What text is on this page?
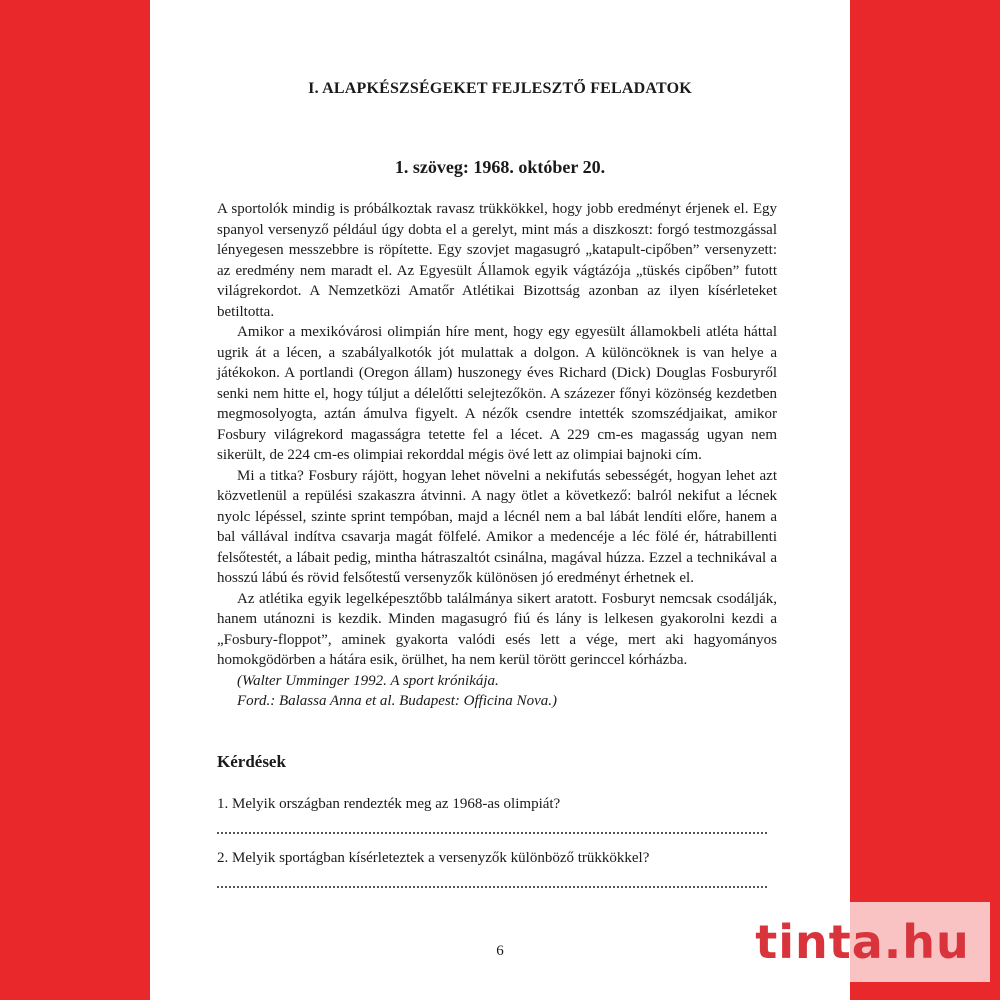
I. ALAPKÉSZSÉGEKET FEJLESZTŐ FELADATOK
1. szöveg: 1968. október 20.

A sportolók mindig is próbálkoztak ravasz trükkökkel, hogy jobb eredményt érjenek el. Egy spanyol versenyző például úgy dobta el a gerelyt, mint más a diszkoszt: forgó testmozgással lényegesen messzebbre is röpítette. Egy szovjet magasugró „katapult-cipőben” versenyzett: az eredmény nem maradt el. Az Egyesült Államok egyik vágtázója „tüskés cipőben” futott világrekordot. A Nemzetközi Amatőr Atlétikai Bizottság azonban az ilyen kísérleteket betiltotta.

Amikor a mexikóvárosi olimpián híre ment, hogy egy egyesült államokbeli atléta háttal ugrik át a lécen, a szabályalkotók jót mulattak a dolgon. A különcöknek is van helye a játékokon. A portlandi (Oregon állam) huszonegy éves Richard (Dick) Douglas Fosburyről senki nem hitte el, hogy túljut a délelőtti selejtezőkön. A százezer főnyi közönség kezdetben megmosolyogta, aztán ámulva figyelt. A nézők csendre intették szomszédjaikat, amikor Fosbury világrekord magasságra tetette fel a lécet. A 229 cm-es magasság ugyan nem sikerült, de 224 cm-es olimpiai rekorddal mégis övé lett az olimpiai bajnoki cím.

Mi a titka? Fosbury rájött, hogyan lehet növelni a nekifutás sebességét, hogyan lehet azt közvetlenül a repülési szakaszra átvinni. A nagy ötlet a következő: balról nekifut a lécnek nyolc lépéssel, szinte sprint tempóban, majd a lécnél nem a bal lábát lendíti előre, hanem a bal vállával indítva csavarja magát fölfelé. Amikor a medencéje a léc fölé ér, hátrabillenti felsőtestét, a lábait pedig, mintha hátraszaltót csinálna, magával húzza. Ezzel a technikával a hosszú lábú és rövid felsőtestű versenyzők különösen jó eredményt érhetnek el.

Az atlétika egyik legelképesztőbb találmánya sikert aratott. Fosburyt nemcsak csodálják, hanem utánozni is kezdik. Minden magasugró fiú és lány is lelkesen gyakorolni kezdi a „Fosbury-floppot”, aminek gyakorta valódi esés lett a vége, mert aki hagyományos homokgödörben a hátára esik, örülhet, ha nem kerül törött gerinccel kórházba.

(Walter Umminger 1992. A sport krónikája.

Ford.: Balassa Anna et al. Budapest: Officina Nova.)

Kérdések

1. Melyik országban rendezték meg az 1968-as olimpiát?

2. Melyik sportágban kísérleteztek a versenyzők különböző trükkökkel?

6	tinta.hu
